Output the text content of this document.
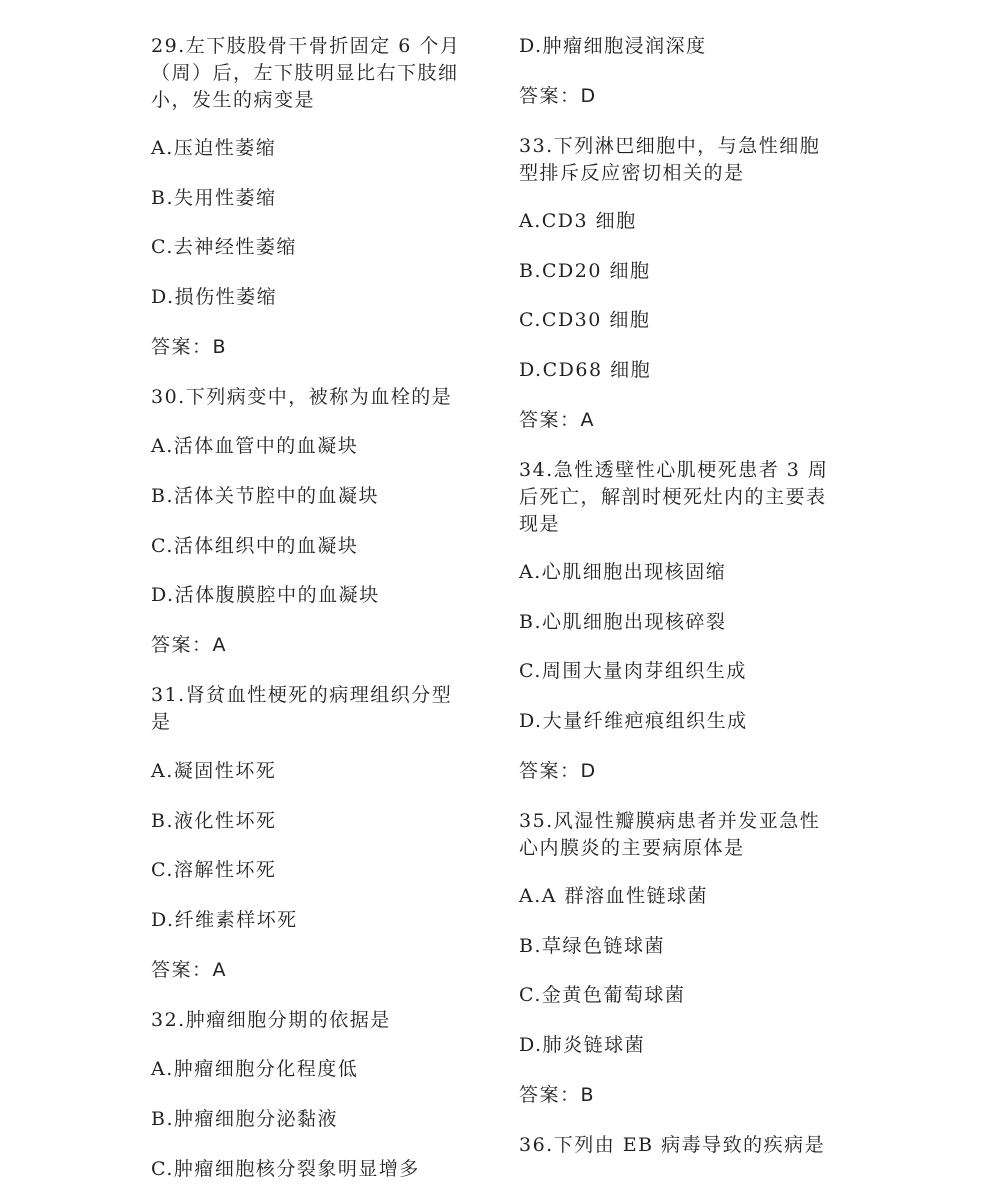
29.左下肢股骨干骨折固定 6 个月
（周）后，左下肢明显比右下肢细
小，发生的病变是
A.压迫性萎缩
B.失用性萎缩
C.去神经性萎缩
D.损伤性萎缩
答案：B
30.下列病变中，被称为血栓的是
A.活体血管中的血凝块
B.活体关节腔中的血凝块
C.活体组织中的血凝块
D.活体腹膜腔中的血凝块
答案：A
31.肾贫血性梗死的病理组织分型
是
A.凝固性坏死
B.液化性坏死
C.溶解性坏死
D.纤维素样坏死
答案：A
32.肿瘤细胞分期的依据是
A.肿瘤细胞分化程度低
B.肿瘤细胞分泌黏液
C.肿瘤细胞核分裂象明显增多
D.肿瘤细胞浸润深度
答案：D
33.下列淋巴细胞中，与急性细胞
型排斥反应密切相关的是
A.CD3 细胞
B.CD20 细胞
C.CD30 细胞
D.CD68 细胞
答案：A
34.急性透壁性心肌梗死患者 3 周
后死亡，解剖时梗死灶内的主要表
现是
A.心肌细胞出现核固缩
B.心肌细胞出现核碎裂
C.周围大量肉芽组织生成
D.大量纤维疤痕组织生成
答案：D
35.风湿性瓣膜病患者并发亚急性
心内膜炎的主要病原体是
A.A 群溶血性链球菌
B.草绿色链球菌
C.金黄色葡萄球菌
D.肺炎链球菌
答案：B
36.下列由 EB 病毒导致的疾病是
